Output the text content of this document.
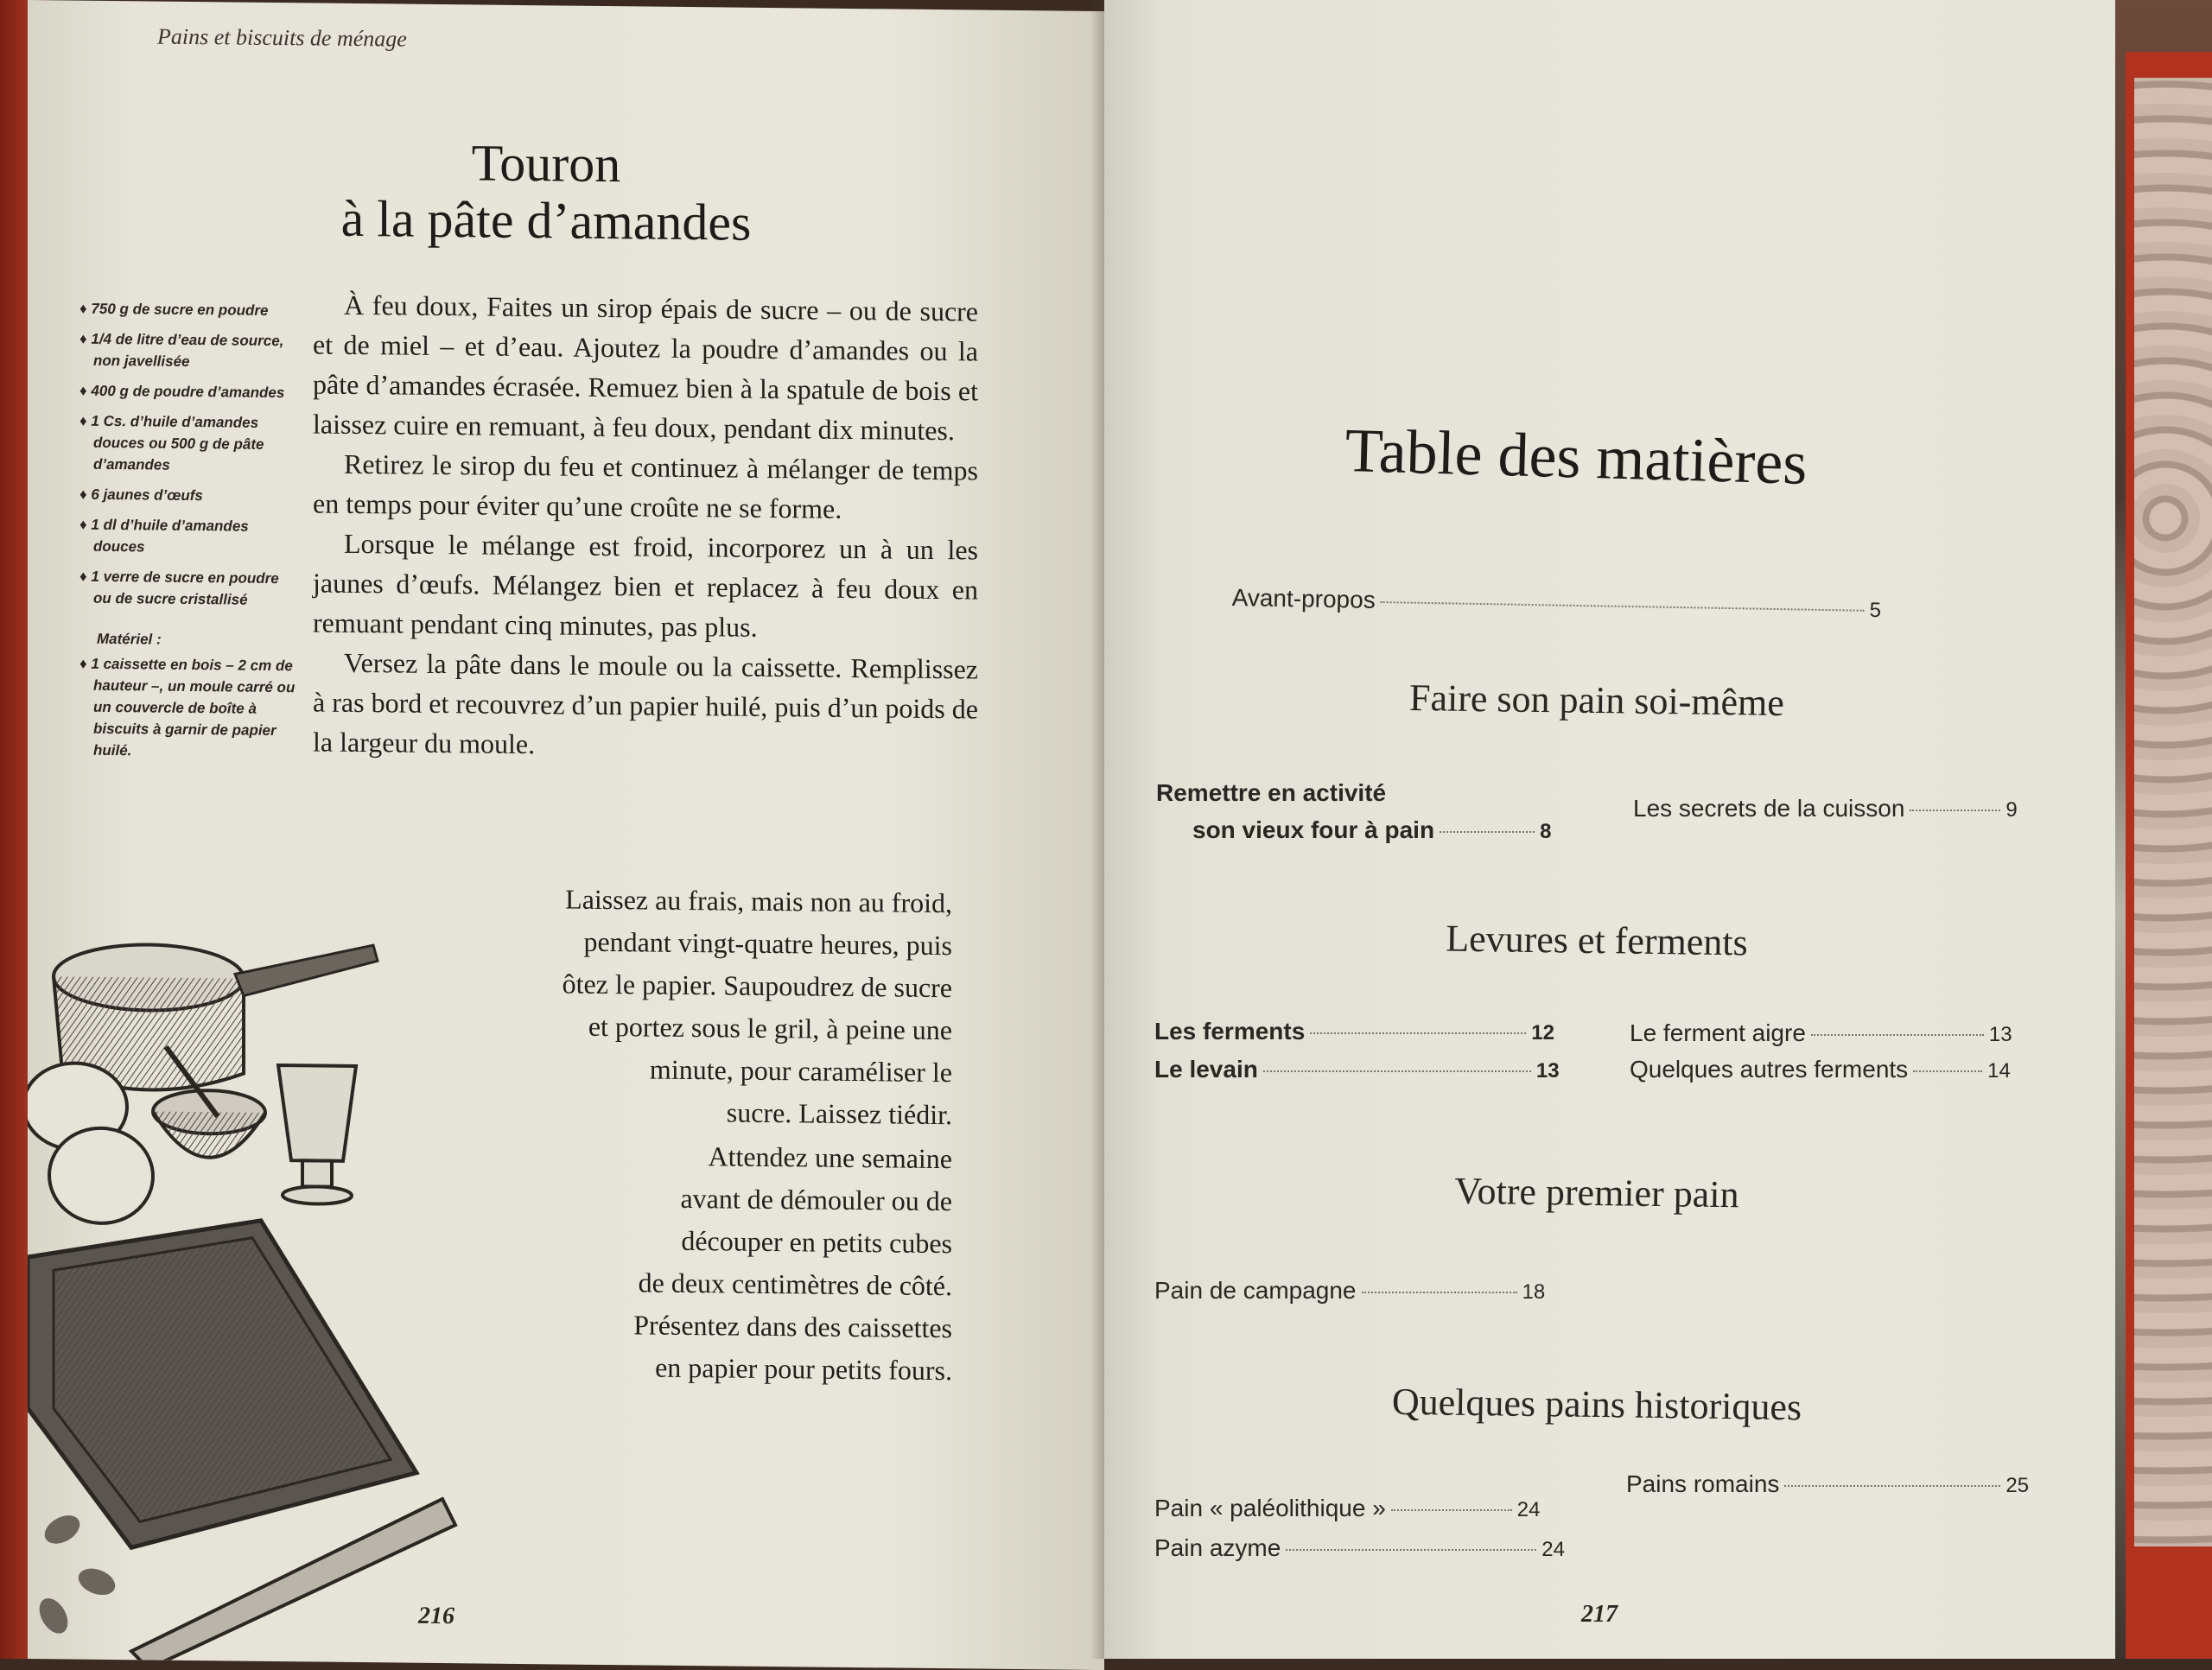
Pains et biscuits de ménage
Touron
à la pâte d’amandes
♦ 750 g de sucre en poudre
♦ 1/4 de litre d’eau de source, non javellisée
♦ 400 g de poudre d’amandes
♦ 1 Cs. d’huile d’amandes douces ou 500 g de pâte d’amandes
♦ 6 jaunes d’œufs
♦ 1 dl d’huile d’amandes douces
♦ 1 verre de sucre en poudre ou de sucre cristallisé
Matériel :
♦ 1 caissette en bois – 2 cm de hauteur –, un moule carré ou un couvercle de boîte à biscuits à garnir de papier huilé.

À feu doux, Faites un sirop épais de sucre – ou de sucre et de miel – et d’eau. Ajoutez la poudre d’amandes ou la pâte d’amandes écrasée. Remuez bien à la spatule de bois et laissez cuire en remuant, à feu doux, pendant dix minutes.

Retirez le sirop du feu et continuez à mélanger de temps en temps pour éviter qu’une croûte ne se forme.

Lorsque le mélange est froid, incorporez un à un les jaunes d’œufs. Mélangez bien et replacez à feu doux en remuant pendant cinq minutes, pas plus.

Versez la pâte dans le moule ou la caissette. Remplissez à ras bord et recouvrez d’un papier huilé, puis d’un poids de la largeur du moule.

Laissez au frais, mais non au froid,

pendant vingt-quatre heures, puis

ôtez le papier. Saupoudrez de sucre

et portez sous le gril, à peine une

minute, pour caraméliser le

sucre. Laissez tiédir.

Attendez une semaine

avant de démouler ou de

découper en petits cubes

de deux centimètres de côté.

Présentez dans des caissettes

en papier pour petits fours.

216
Table des matières
Avant-propos	5
Faire son pain soi-même
Remettre en activité
son vieux four à pain	8
Les secrets de la cuisson	9
Levures et ferments
Les ferments	12
Le levain	13
Le ferment aigre	13
Quelques autres ferments	14
Votre premier pain
Pain de campagne	18
Quelques pains historiques
Pain « paléolithique »	24
Pain azyme	24
Pains romains	25
217
